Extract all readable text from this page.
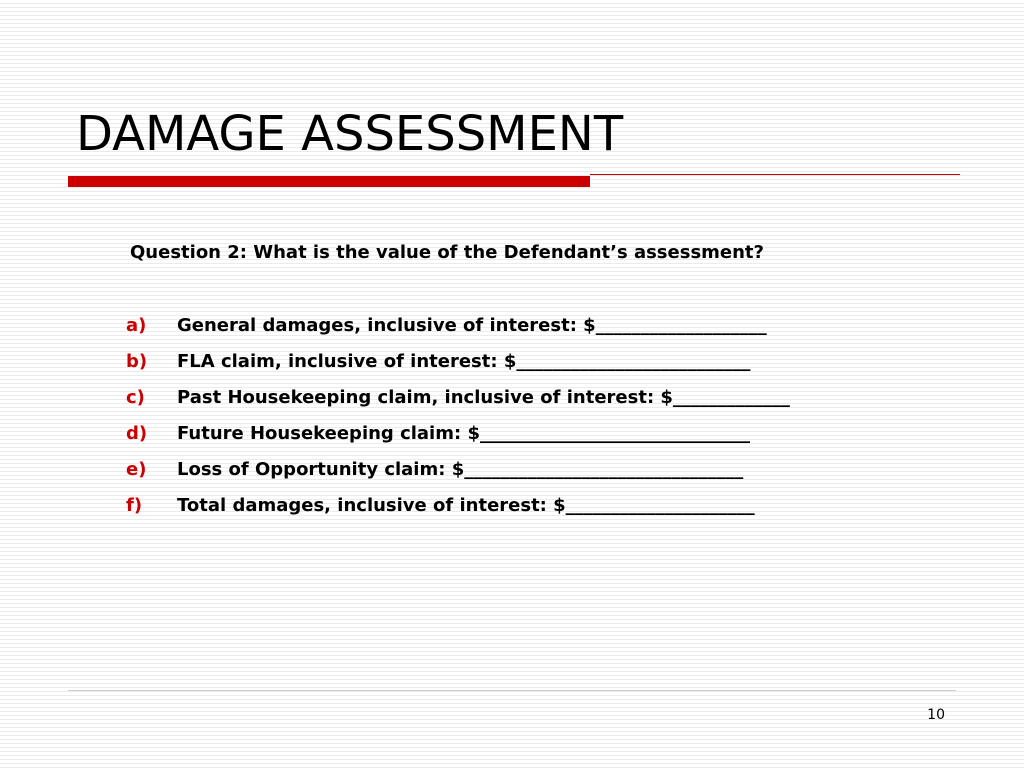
DAMAGE ASSESSMENT
Question 2: What is the value of the Defendant’s assessment?
a)	General damages, inclusive of interest: $___________________
b)	FLA claim, inclusive of interest: $__________________________
c)	Past Housekeeping claim, inclusive of interest: $_____________
d)	Future Housekeeping claim: $______________________________
e)	Loss of Opportunity claim: $_______________________________
f)	Total damages, inclusive of interest: $_____________________
10
